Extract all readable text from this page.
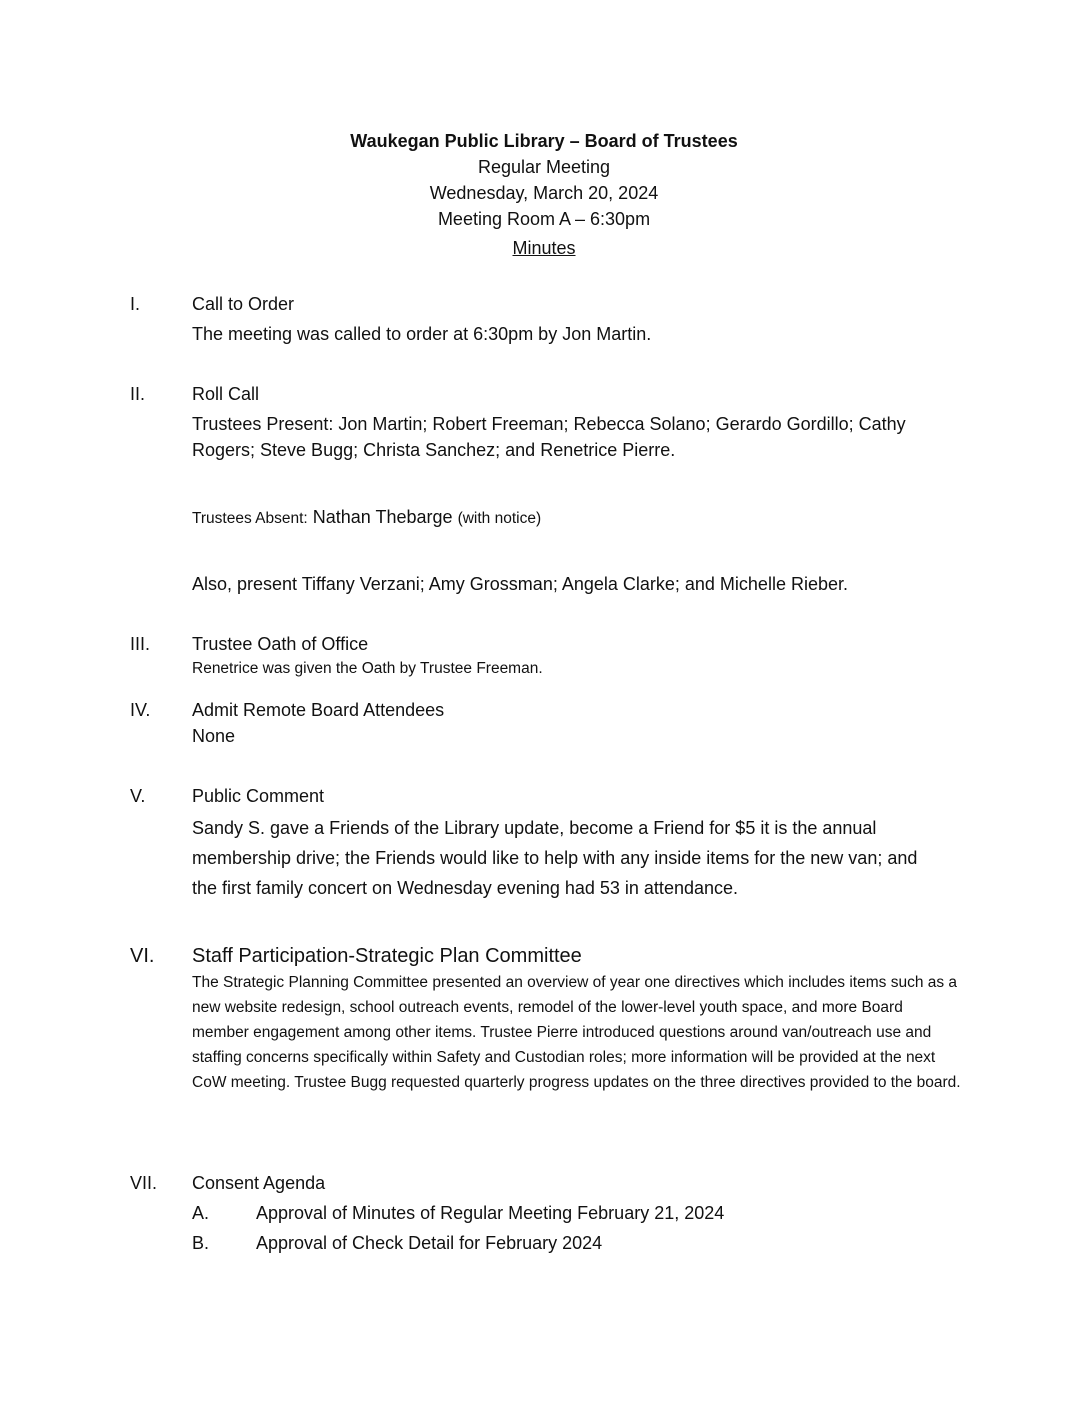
Waukegan Public Library – Board of Trustees
Regular Meeting
Wednesday, March 20, 2024
Meeting Room A – 6:30pm
Minutes
I.	Call to Order
The meeting was called to order at 6:30pm by Jon Martin.
II.	Roll Call
Trustees Present: Jon Martin; Robert Freeman; Rebecca Solano; Gerardo Gordillo; Cathy Rogers; Steve Bugg; Christa Sanchez; and Renetrice Pierre.
Trustees Absent: Nathan Thebarge (with notice)
Also, present Tiffany Verzani; Amy Grossman; Angela Clarke; and Michelle Rieber.
III. Trustee Oath of Office
Renetrice was given the Oath by Trustee Freeman.
IV. Admit Remote Board Attendees
None
V.	Public Comment
Sandy S. gave a Friends of the Library update, become a Friend for $5 it is the annual membership drive; the Friends would like to help with any inside items for the new van; and the first family concert on Wednesday evening had 53 in attendance.
VI. Staff Participation-Strategic Plan Committee
The Strategic Planning Committee presented an overview of year one directives which includes items such as a new website redesign, school outreach events, remodel of the lower-level youth space, and more Board member engagement among other items. Trustee Pierre introduced questions around van/outreach use and staffing concerns specifically within Safety and Custodian roles; more information will be provided at the next CoW meeting. Trustee Bugg requested quarterly progress updates on the three directives provided to the board.
VII. Consent Agenda
A.	Approval of Minutes of Regular Meeting February 21, 2024
B.	Approval of Check Detail for February 2024
